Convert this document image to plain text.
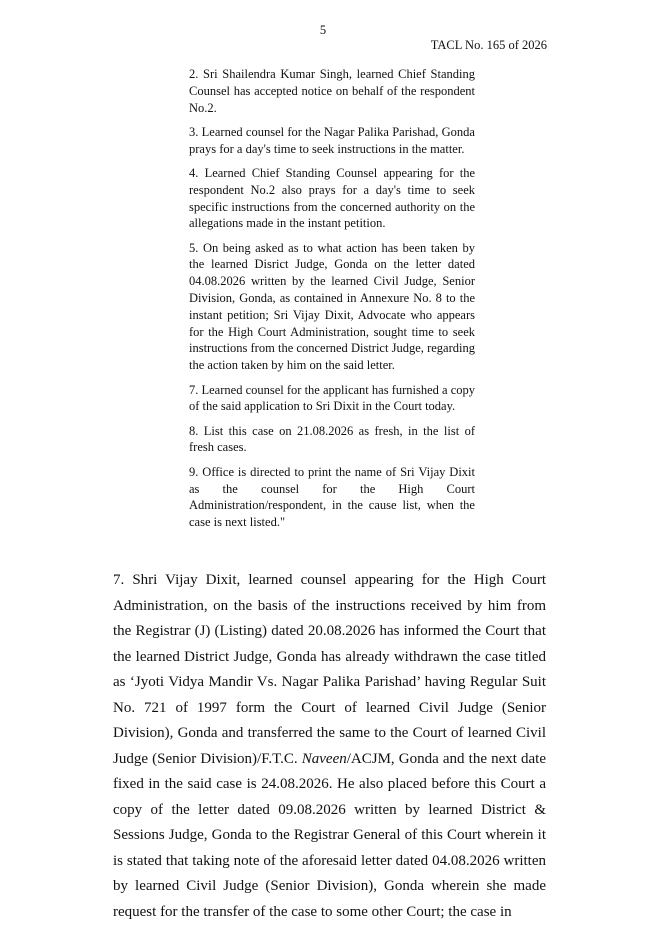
5
TACL No. 165 of 2026

2. Sri Shailendra Kumar Singh, learned Chief Standing Counsel has accepted notice on behalf of the respondent No.2.

3. Learned counsel for the Nagar Palika Parishad, Gonda prays for a day's time to seek instructions in the matter.

4. Learned Chief Standing Counsel appearing for the respondent No.2 also prays for a day's time to seek specific instructions from the concerned authority on the allegations made in the instant petition.

5. On being asked as to what action has been taken by the learned Disrict Judge, Gonda on the letter dated 04.08.2026 written by the learned Civil Judge, Senior Division, Gonda, as contained in Annexure No. 8 to the instant petition; Sri Vijay Dixit, Advocate who appears for the High Court Administration, sought time to seek instructions from the concerned District Judge, regarding the action taken by him on the said letter.

7. Learned counsel for the applicant has furnished a copy of the said application to Sri Dixit in the Court today.

8. List this case on 21.08.2026 as fresh, in the list of fresh cases.

9. Office is directed to print the name of Sri Vijay Dixit as the counsel for the High Court Administration/respondent, in the cause list, when the case is next listed."

7. Shri Vijay Dixit, learned counsel appearing for the High Court Administration, on the basis of the instructions received by him from the Registrar (J) (Listing) dated 20.08.2026 has informed the Court that the learned District Judge, Gonda has already withdrawn the case titled as ‘Jyoti Vidya Mandir Vs. Nagar Palika Parishad’ having Regular Suit No. 721 of 1997 form the Court of learned Civil Judge (Senior Division), Gonda and transferred the same to the Court of learned Civil Judge (Senior Division)/F.T.C. Naveen/ACJM, Gonda and the next date fixed in the said case is 24.08.2026. He also placed before this Court a copy of the letter dated 09.08.2026 written by learned District & Sessions Judge, Gonda to the Registrar General of this Court wherein it is stated that taking note of the aforesaid letter dated 04.08.2026 written by learned Civil Judge (Senior Division), Gonda wherein she made request for the transfer of the case to some other Court; the case in
